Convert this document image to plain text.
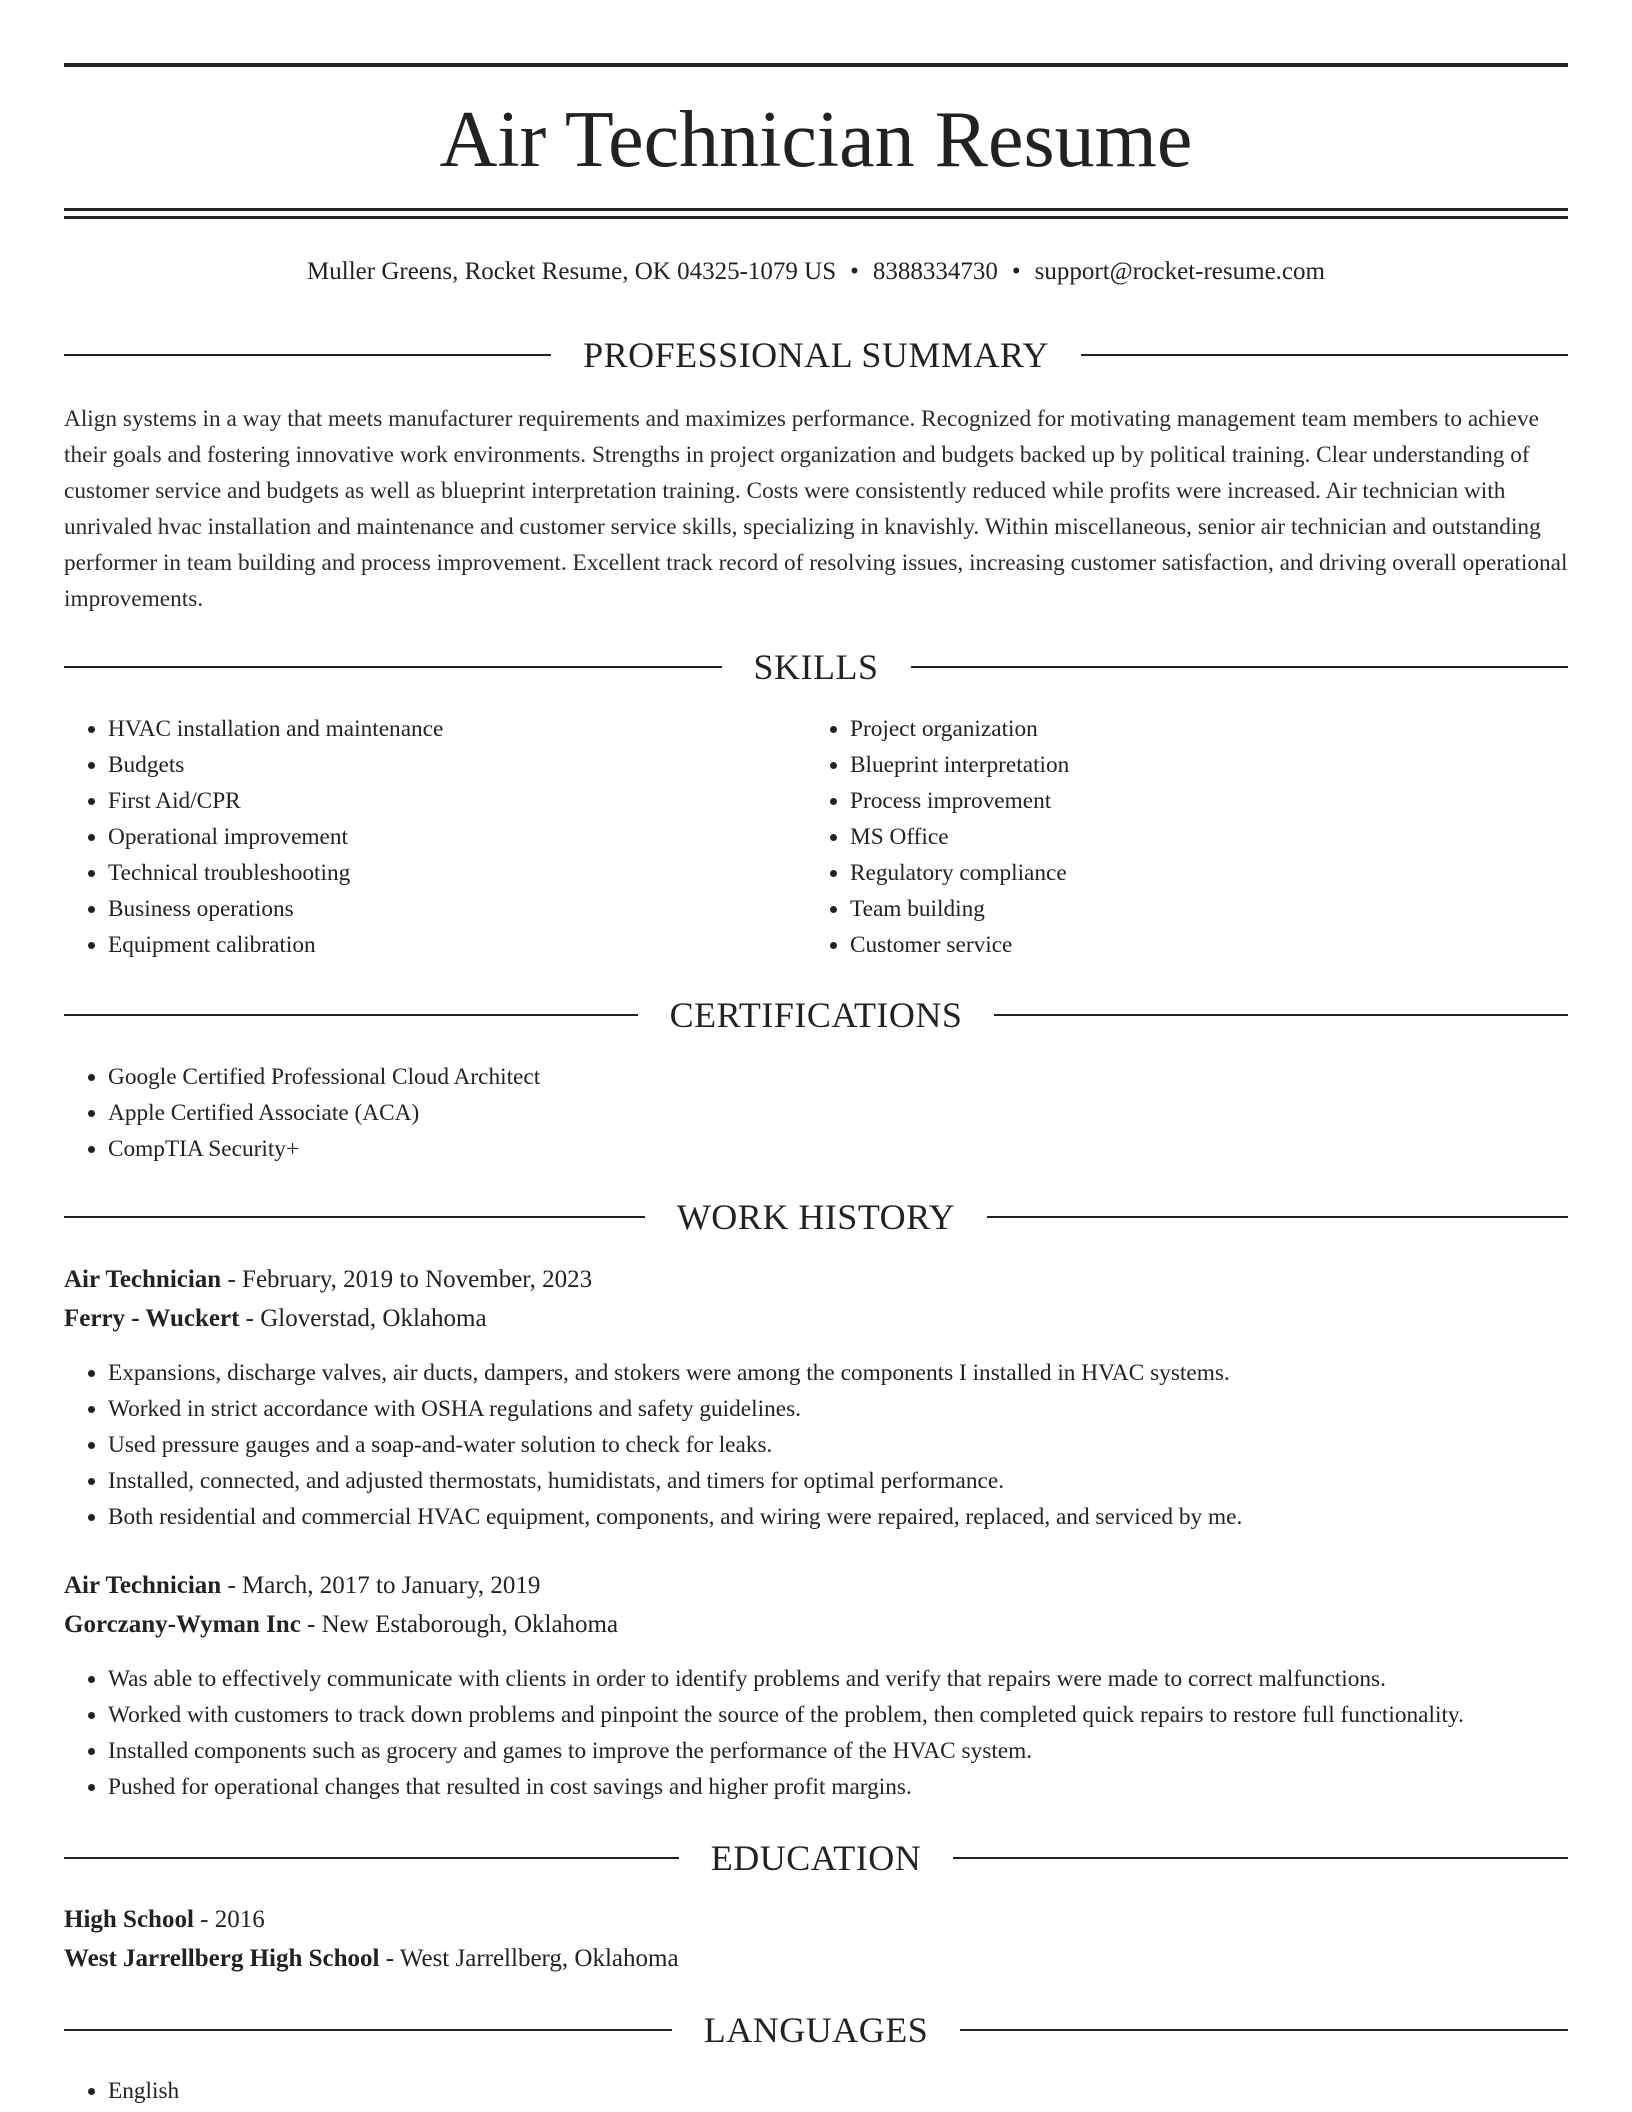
Air Technician Resume
Muller Greens, Rocket Resume, OK 04325-1079 US • 8388334730 • support@rocket-resume.com
PROFESSIONAL SUMMARY

Align systems in a way that meets manufacturer requirements and maximizes performance. Recognized for motivating management team members to achieve their goals and fostering innovative work environments. Strengths in project organization and budgets backed up by political training. Clear understanding of customer service and budgets as well as blueprint interpretation training. Costs were consistently reduced while profits were increased. Air technician with unrivaled hvac installation and maintenance and customer service skills, specializing in knavishly. Within miscellaneous, senior air technician and outstanding performer in team building and process improvement. Excellent track record of resolving issues, increasing customer satisfaction, and driving overall operational improvements.

SKILLS
• HVAC installation and maintenance
• Budgets
• First Aid/CPR
• Operational improvement
• Technical troubleshooting
• Business operations
• Equipment calibration
• Project organization
• Blueprint interpretation
• Process improvement
• MS Office
• Regulatory compliance
• Team building
• Customer service
CERTIFICATIONS
• Google Certified Professional Cloud Architect
• Apple Certified Associate (ACA)
• CompTIA Security+
WORK HISTORY
Air Technician - February, 2019 to November, 2023
Ferry - Wuckert - Gloverstad, Oklahoma
• Expansions, discharge valves, air ducts, dampers, and stokers were among the components I installed in HVAC systems.
• Worked in strict accordance with OSHA regulations and safety guidelines.
• Used pressure gauges and a soap-and-water solution to check for leaks.
• Installed, connected, and adjusted thermostats, humidistats, and timers for optimal performance.
• Both residential and commercial HVAC equipment, components, and wiring were repaired, replaced, and serviced by me.
Air Technician - March, 2017 to January, 2019
Gorczany-Wyman Inc - New Estaborough, Oklahoma
• Was able to effectively communicate with clients in order to identify problems and verify that repairs were made to correct malfunctions.
• Worked with customers to track down problems and pinpoint the source of the problem, then completed quick repairs to restore full functionality.
• Installed components such as grocery and games to improve the performance of the HVAC system.
• Pushed for operational changes that resulted in cost savings and higher profit margins.
EDUCATION
High School - 2016
West Jarrellberg High School - West Jarrellberg, Oklahoma
LANGUAGES
• English
